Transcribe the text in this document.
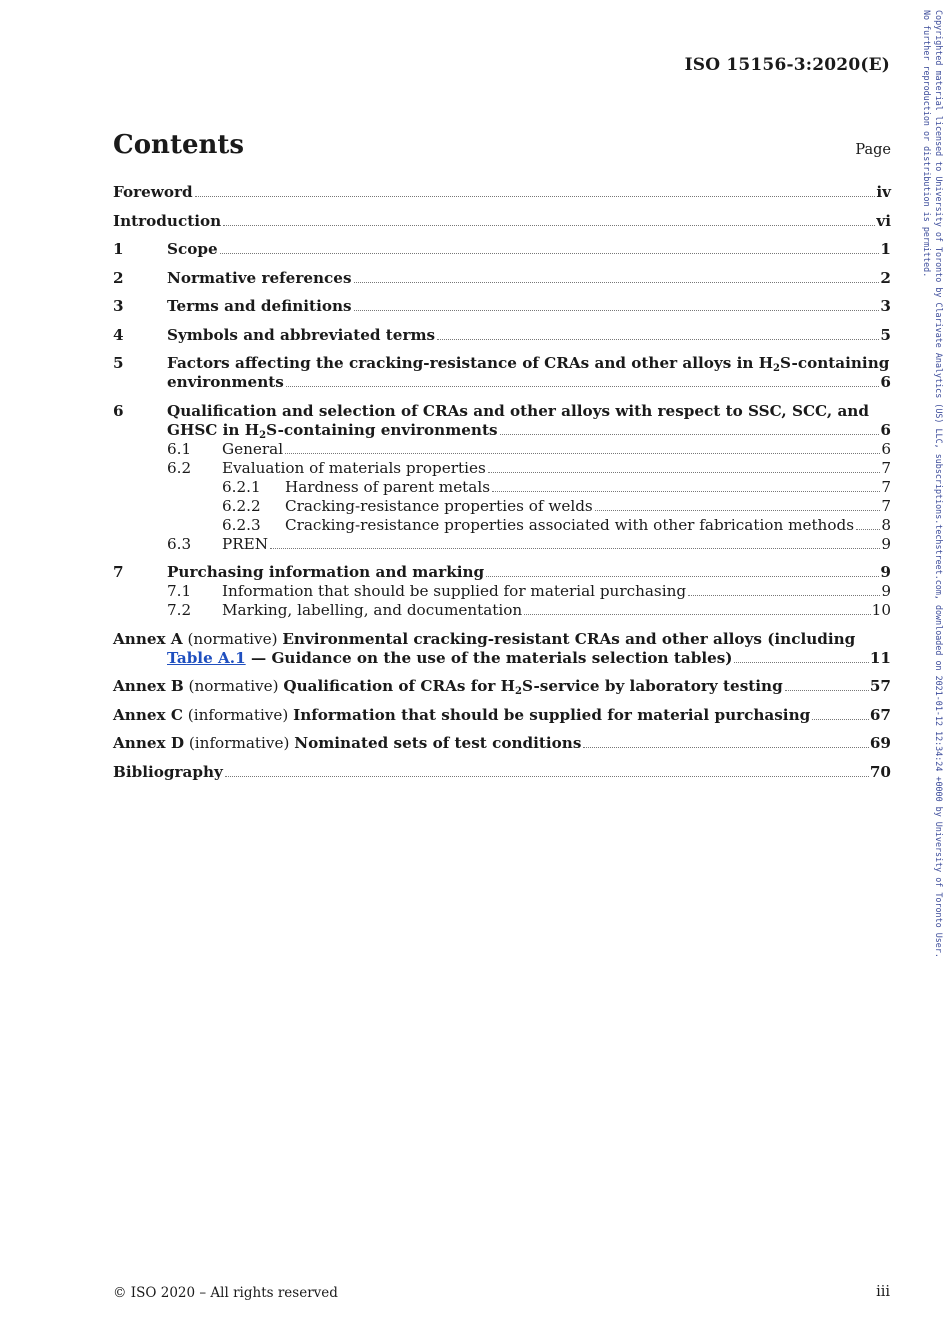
ISO 15156-3:2020(E)	Copyrighted material licensed to University of Toronto by Clarivate Analytics (US) LLC, subscriptions.techstreet.com, downloaded on 2021-01-12 12:34:24 +0000 by University of Toronto User.
No further reproduction or distribution is permitted.
Contents	Page
Foreword	iv
Introduction	vi
1	Scope	1
2	Normative references	2
3	Terms and definitions	3
4	Symbols and abbreviated terms	5
5	Factors affecting the cracking-resistance of CRAs and other alloys in $H_2S$-containing
environments	6
6	Qualification and selection of CRAs and other alloys with respect to SSC, SCC, and
GHSC in $H_2S$-containing environments	6
6.1	General	6
6.2	Evaluation of materials properties	7
6.2.1	Hardness of parent metals	7
6.2.2	Cracking-resistance properties of welds	7
6.2.3	Cracking-resistance properties associated with other fabrication methods 8
6.3	PREN	9
7	Purchasing information and marking	9
7.1	Information that should be supplied for material purchasing	9
7.2	Marking, labelling, and documentation	10
Annex A (normative) Environmental cracking-resistant CRAs and other alloys (including
Table A.1 — Guidance on the use of the materials selection tables)	11
Annex B (normative) Qualification of CRAs for $H_2S$-service by laboratory testing	57
Annex C (informative) Information that should be supplied for material purchasing	67
Annex D (informative) Nominated sets of test conditions	69
Bibliography	70
© ISO 2020 – All rights reserved	iii
